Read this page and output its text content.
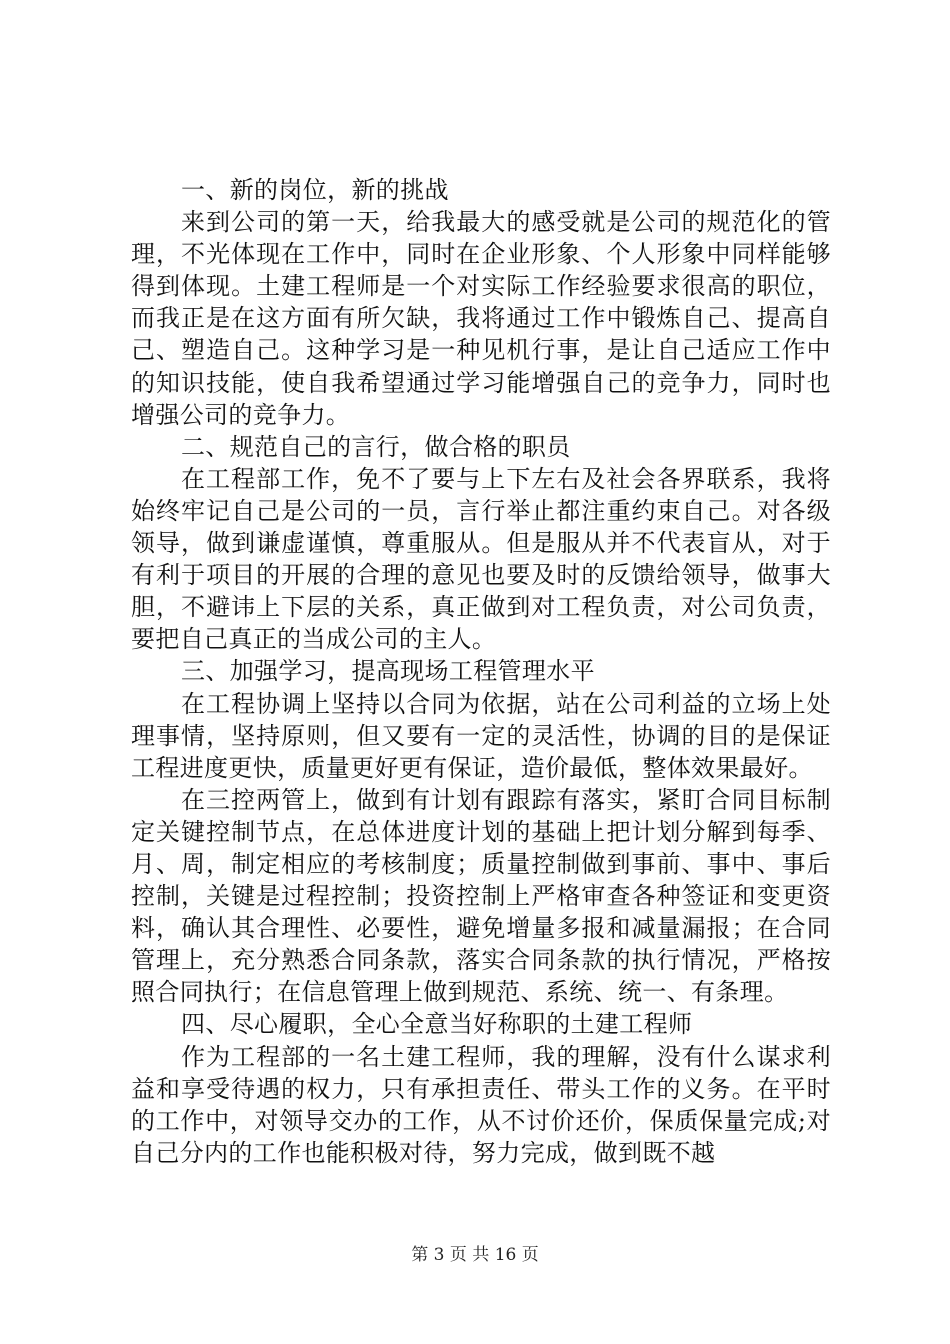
一、新的岗位，新的挑战

来到公司的第一天，给我最大的感受就是公司的规范化的管理，不光体现在工作中，同时在企业形象、个人形象中同样能够得到体现。土建工程师是一个对实际工作经验要求很高的职位，而我正是在这方面有所欠缺，我将通过工作中锻炼自己、提高自己、塑造自己。这种学习是一种见机行事，是让自己适应工作中的知识技能，使自我希望通过学习能增强自己的竞争力，同时也增强公司的竞争力。

二、规范自己的言行，做合格的职员

在工程部工作，免不了要与上下左右及社会各界联系，我将始终牢记自己是公司的一员，言行举止都注重约束自己。对各级领导，做到谦虚谨慎，尊重服从。但是服从并不代表盲从，对于有利于项目的开展的合理的意见也要及时的反馈给领导，做事大胆，不避讳上下层的关系，真正做到对工程负责，对公司负责，要把自己真正的当成公司的主人。

三、加强学习，提高现场工程管理水平

在工程协调上坚持以合同为依据，站在公司利益的立场上处理事情，坚持原则，但又要有一定的灵活性，协调的目的是保证工程进度更快，质量更好更有保证，造价最低，整体效果最好。

在三控两管上，做到有计划有跟踪有落实，紧盯合同目标制定关键控制节点，在总体进度计划的基础上把计划分解到每季、月、周，制定相应的考核制度；质量控制做到事前、事中、事后控制，关键是过程控制；投资控制上严格审查各种签证和变更资料，确认其合理性、必要性，避免增量多报和减量漏报；在合同管理上，充分熟悉合同条款，落实合同条款的执行情况，严格按照合同执行；在信息管理上做到规范、系统、统一、有条理。

四、尽心履职，全心全意当好称职的土建工程师

作为工程部的一名土建工程师，我的理解，没有什么谋求利益和享受待遇的权力，只有承担责任、带头工作的义务。在平时的工作中，对领导交办的工作，从不讨价还价，保质保量完成;对自己分内的工作也能积极对待，努力完成，做到既不越

第 3 页 共 16 页
